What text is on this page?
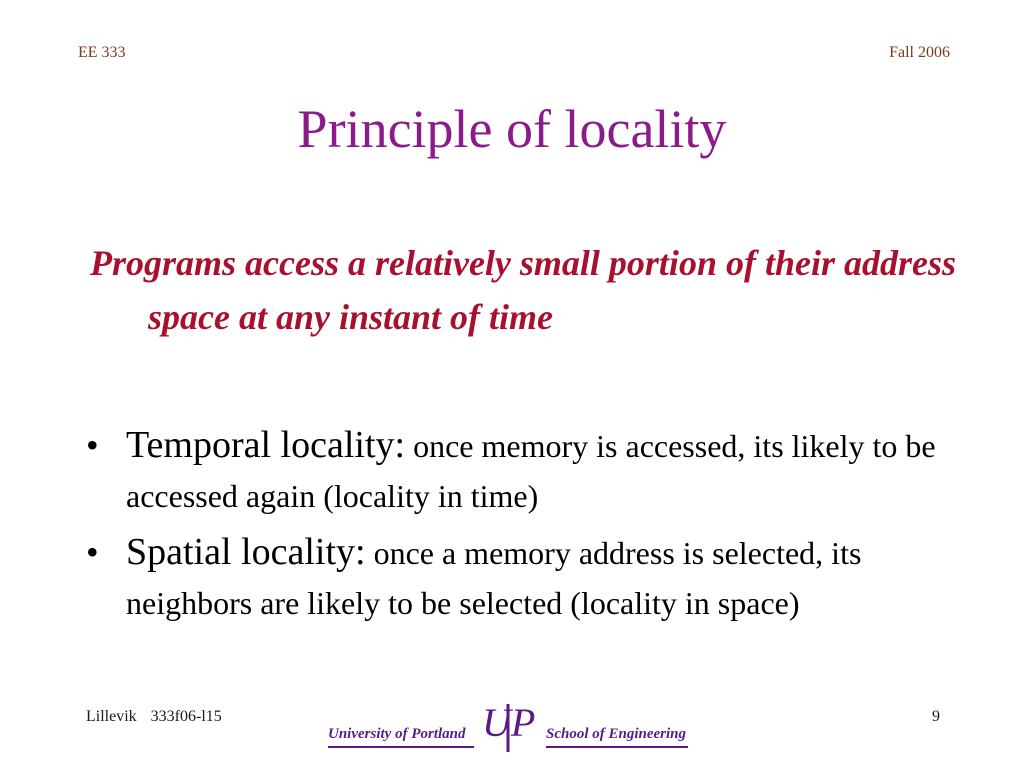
EE 333	Fall 2006
Principle of locality
Programs access a relatively small portion of their address space at any instant of time
• Temporal locality: once memory is accessed, its likely to be accessed again (locality in time)
• Spatial locality: once a memory address is selected, its neighbors are likely to be selected (locality in space)
Lillevik 333f06-l15
University of Portland UP School of Engineering
9
